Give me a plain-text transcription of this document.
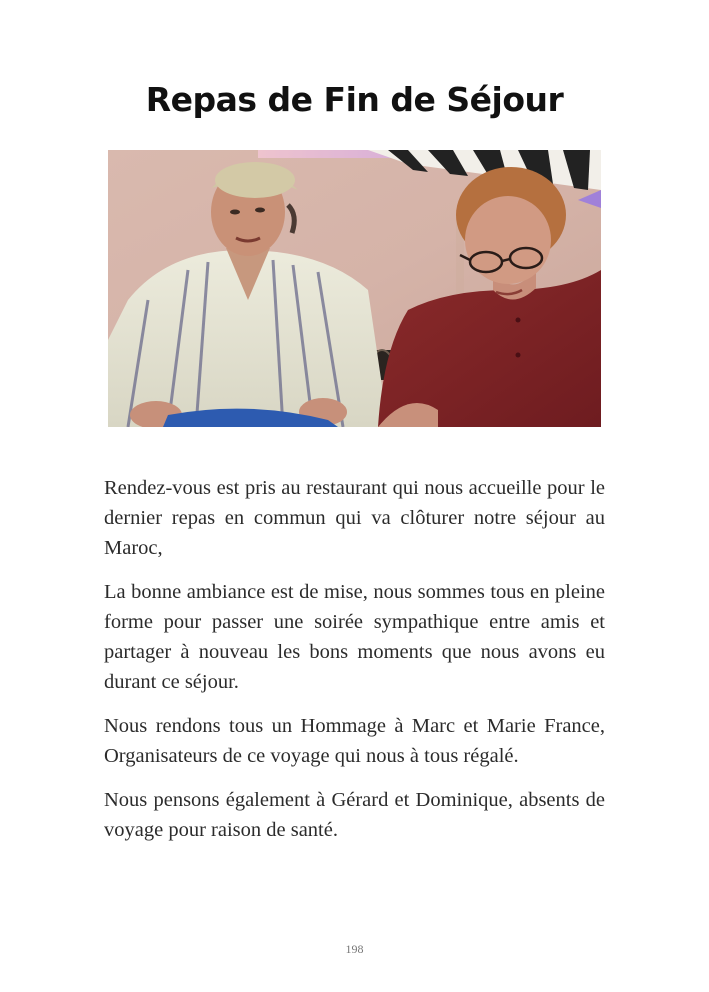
Repas de Fin de Séjour

Rendez-vous est pris au restaurant qui nous accueille pour le dernier repas en commun qui va clôturer notre séjour au Maroc,

La bonne ambiance est de mise, nous sommes tous en pleine forme pour passer une soirée sympathique entre amis et partager à nouveau les bons moments que nous avons eu durant ce séjour.

Nous rendons tous un Hommage à Marc et Marie France, Organisateurs de ce voyage qui nous à tous régalé.

Nous pensons également à Gérard et Dominique, absents de voyage pour raison de santé.

198
